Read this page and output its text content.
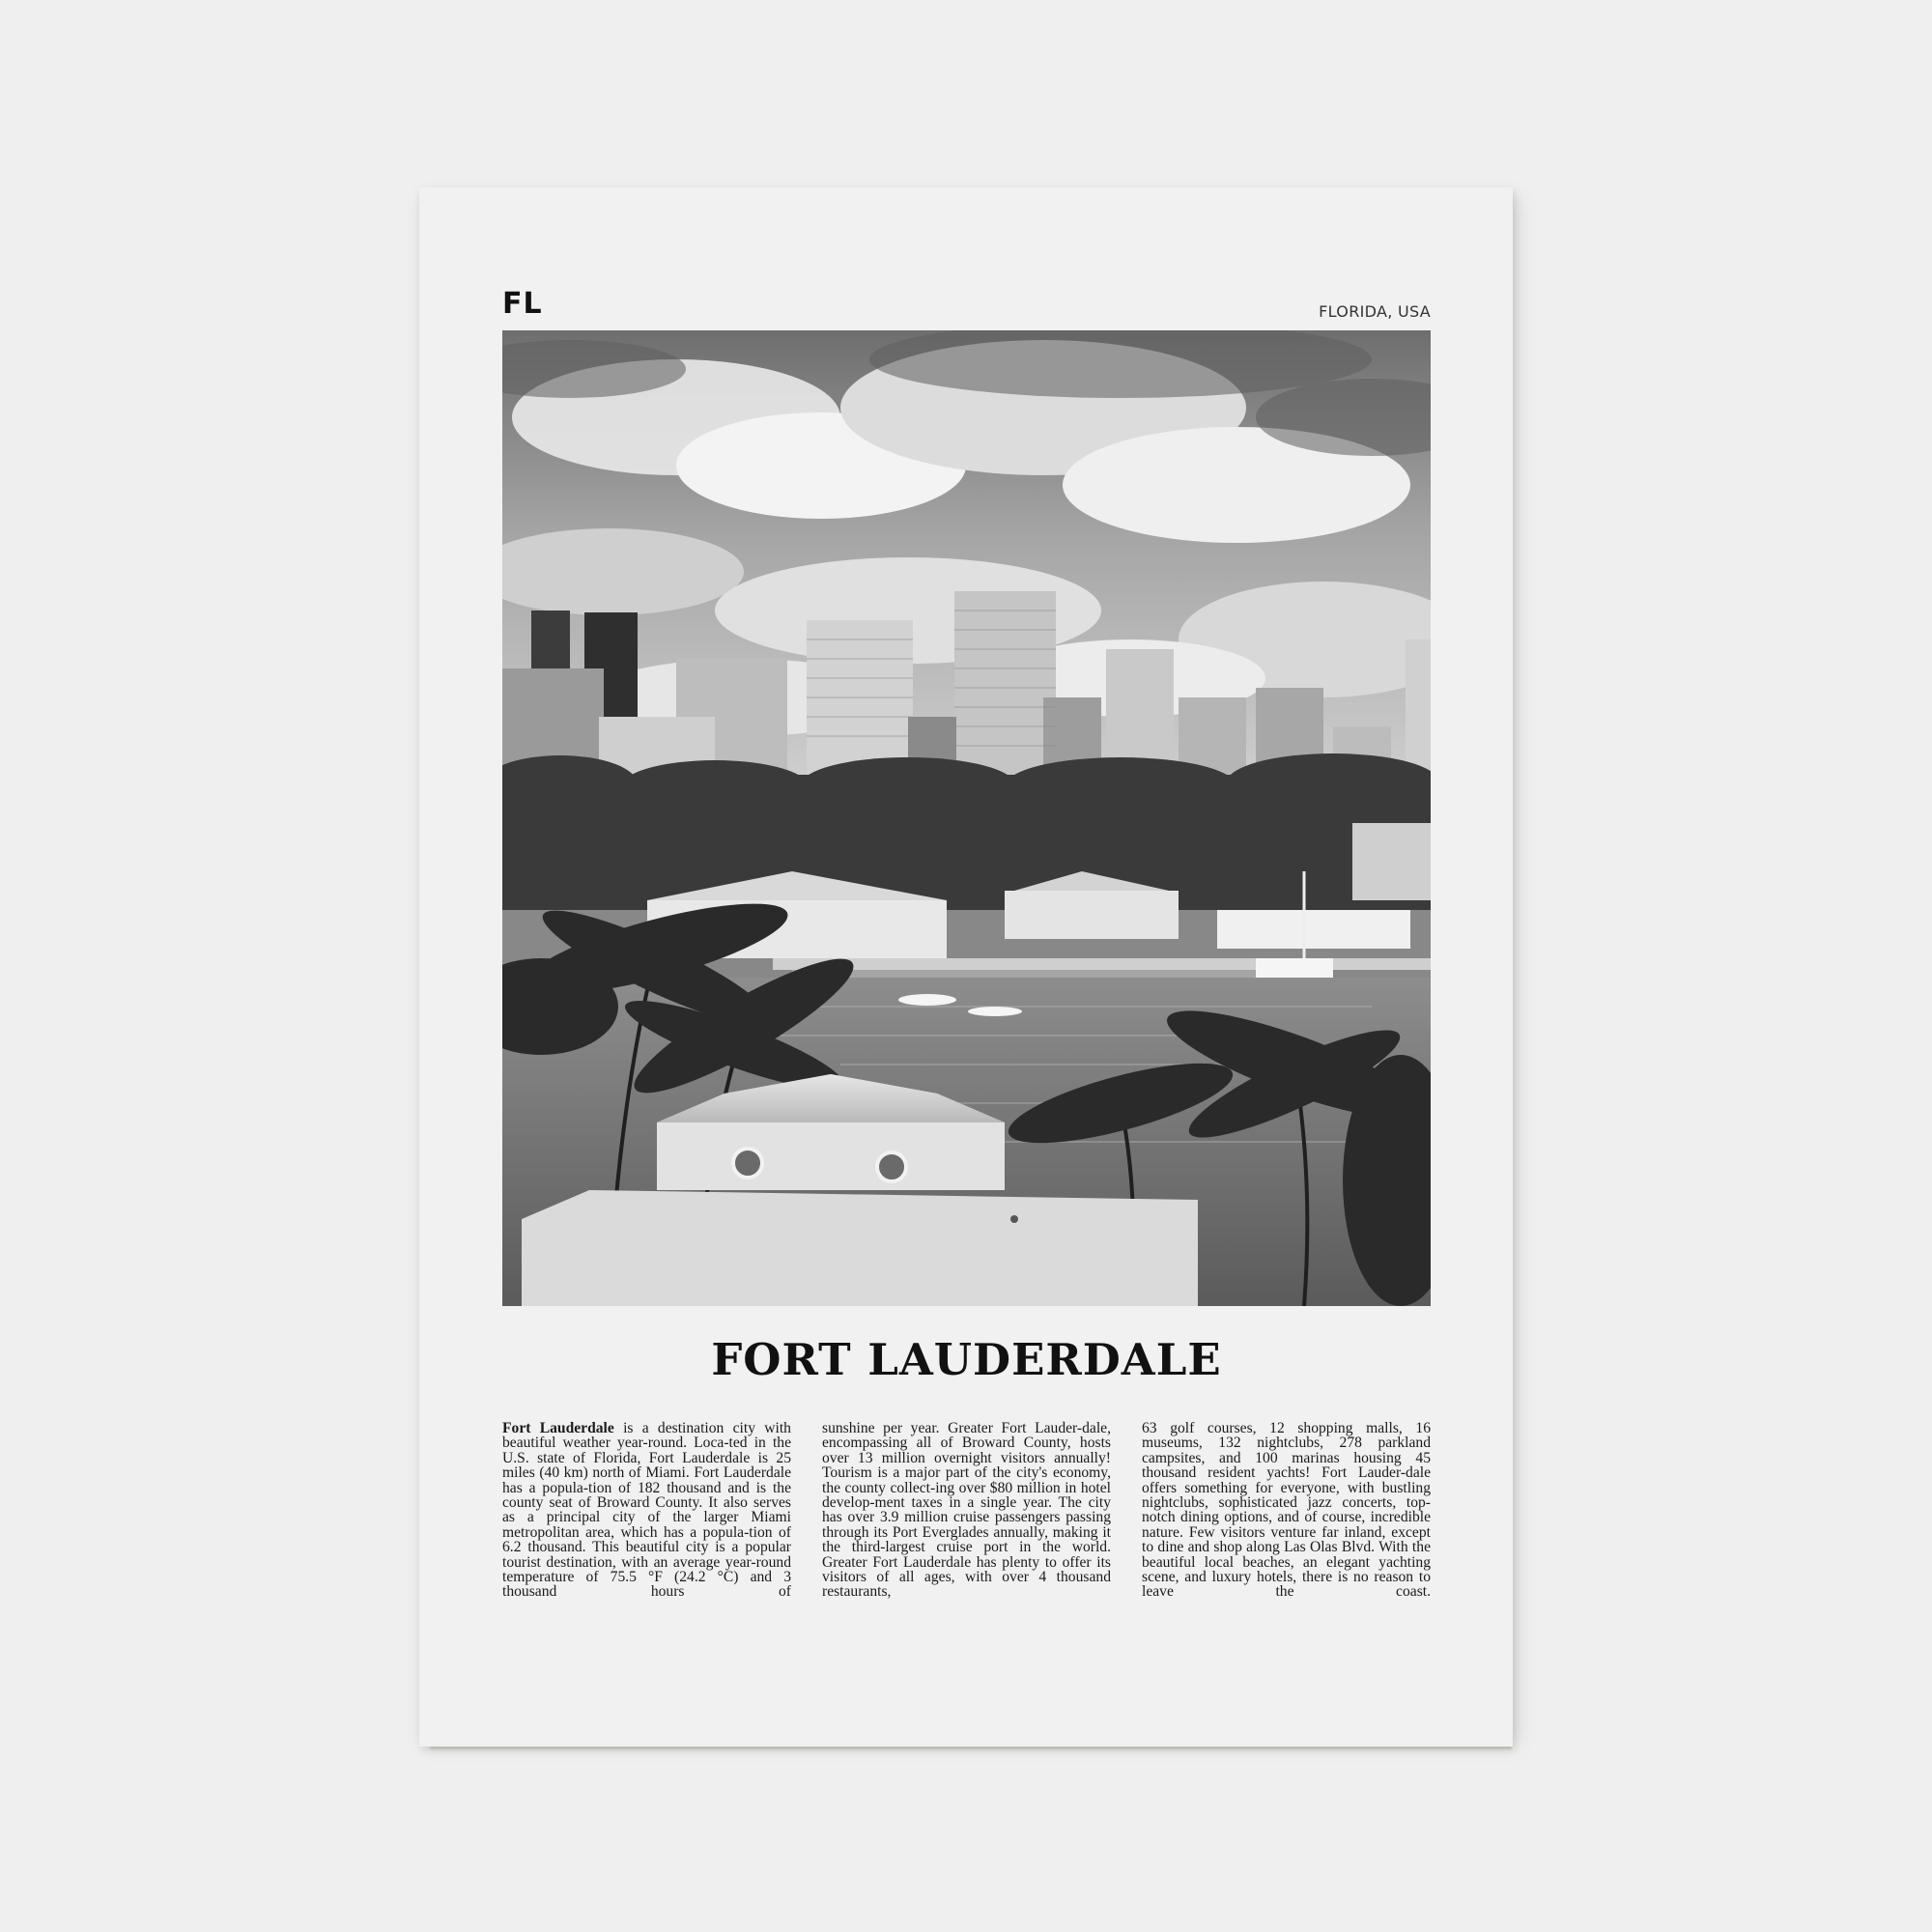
FL	FLORIDA, USA
FORT LAUDERDALE
Fort Lauderdale is a destination city with beautiful weather year-round. Loca-ted in the U.S. state of Florida, Fort Lauderdale is 25 miles (40 km) north of Miami. Fort Lauderdale has a popula-tion of 182 thousand and is the county seat of Broward County. It also serves as a principal city of the larger Miami metropolitan area, which has a popula-tion of 6.2 thousand. This beautiful city is a popular tourist destination, with an average year-round temperature of 75.5 °F (24.2 °C) and 3 thousand hours of
sunshine per year. Greater Fort Lauder-dale, encompassing all of Broward County, hosts over 13 million overnight visitors annually! Tourism is a major part of the city's economy, the county collect-ing over $80 million in hotel develop-ment taxes in a single year. The city has over 3.9 million cruise passengers passing through its Port Everglades annually, making it the third-largest cruise port in the world. Greater Fort Lauderdale has plenty to offer its visitors of all ages, with over 4 thousand restaurants,
63 golf courses, 12 shopping malls, 16 museums, 132 nightclubs, 278 parkland campsites, and 100 marinas housing 45 thousand resident yachts! Fort Lauder-dale offers something for everyone, with bustling nightclubs, sophisticated jazz concerts, top-notch dining options, and of course, incredible nature. Few visitors venture far inland, except to dine and shop along Las Olas Blvd. With the beautiful local beaches, an elegant yachting scene, and luxury hotels, there is no reason to leave the coast.
